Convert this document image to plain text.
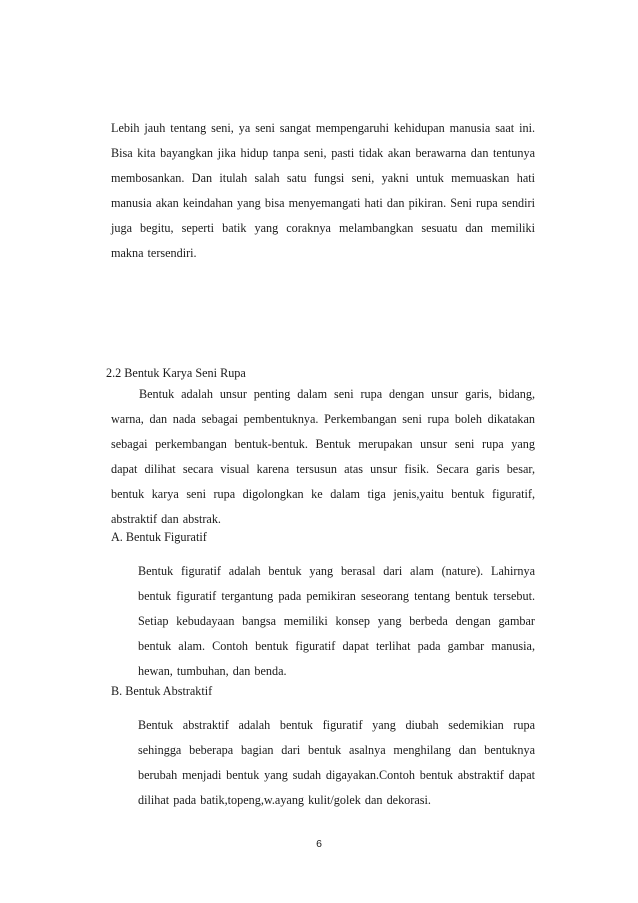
Lebih jauh tentang seni, ya seni sangat mempengaruhi kehidupan manusia saat ini. Bisa kita bayangkan jika hidup tanpa seni, pasti tidak akan berawarna dan tentunya membosankan. Dan itulah salah satu fungsi seni, yakni untuk memuaskan hati manusia akan keindahan yang bisa menyemangati hati dan pikiran. Seni rupa sendiri juga begitu, seperti batik yang coraknya melambangkan sesuatu dan memiliki makna tersendiri.

2.2 Bentuk Karya Seni Rupa

Bentuk adalah unsur penting dalam seni rupa dengan unsur garis, bidang, warna, dan nada sebagai pembentuknya. Perkembangan seni rupa boleh dikatakan sebagai perkembangan bentuk-bentuk. Bentuk merupakan unsur seni rupa yang dapat dilihat secara visual karena tersusun atas unsur fisik. Secara garis besar, bentuk karya seni rupa digolongkan ke dalam tiga jenis,yaitu bentuk figuratif, abstraktif dan abstrak.

A. Bentuk Figuratif

Bentuk figuratif adalah bentuk yang berasal dari alam (nature). Lahirnya bentuk figuratif tergantung pada pemikiran seseorang tentang bentuk tersebut. Setiap kebudayaan bangsa memiliki konsep yang berbeda dengan gambar bentuk alam. Contoh bentuk figuratif dapat terlihat pada gambar manusia, hewan, tumbuhan, dan benda.

B. Bentuk Abstraktif

Bentuk abstraktif adalah bentuk figuratif yang diubah sedemikian rupa sehingga beberapa bagian dari bentuk asalnya menghilang dan bentuknya berubah menjadi bentuk yang sudah digayakan.Contoh bentuk abstraktif dapat dilihat pada batik,topeng,w.ayang kulit/golek dan dekorasi.

6
